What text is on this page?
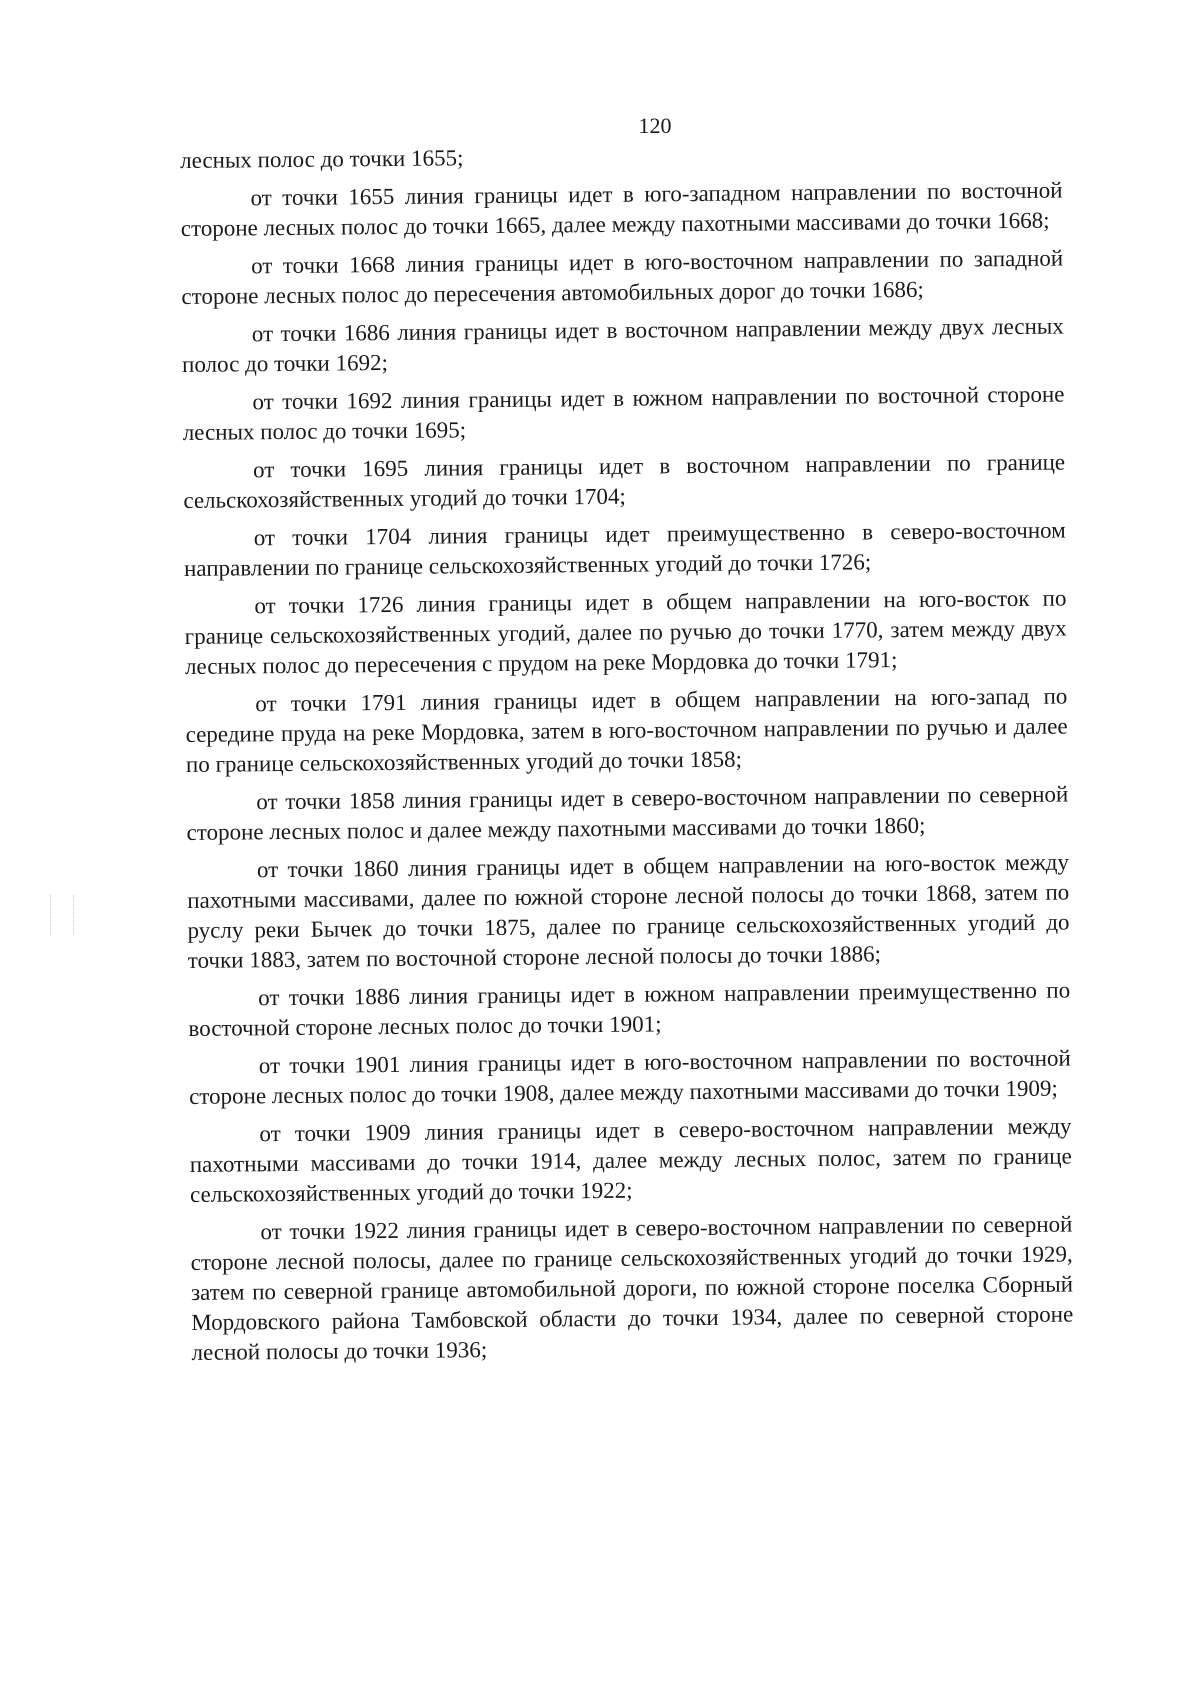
120

лесных полос до точки 1655;

от точки 1655 линия границы идет в юго-западном направлении по восточной стороне лесных полос до точки 1665, далее между пахотными массивами до точки 1668;

от точки 1668 линия границы идет в юго-восточном направлении по западной стороне лесных полос до пересечения автомобильных дорог до точки 1686;

от точки 1686 линия границы идет в восточном направлении между двух лесных полос до точки 1692;

от точки 1692 линия границы идет в южном направлении по восточной стороне лесных полос до точки 1695;

от точки 1695 линия границы идет в восточном направлении по границе сельскохозяйственных угодий до точки 1704;

от точки 1704 линия границы идет преимущественно в северо-восточном направлении по границе сельскохозяйственных угодий до точки 1726;

от точки 1726 линия границы идет в общем направлении на юго-восток по границе сельскохозяйственных угодий, далее по ручью до точки 1770, затем между двух лесных полос до пересечения с прудом на реке Мордовка до точки 1791;

от точки 1791 линия границы идет в общем направлении на юго-запад по середине пруда на реке Мордовка, затем в юго-восточном направлении по ручью и далее по границе сельскохозяйственных угодий до точки 1858;

от точки 1858 линия границы идет в северо-восточном направлении по северной стороне лесных полос и далее между пахотными массивами до точки 1860;

от точки 1860 линия границы идет в общем направлении на юго-восток между пахотными массивами, далее по южной стороне лесной полосы до точки 1868, затем по руслу реки Бычек до точки 1875, далее по границе сельскохозяйственных угодий до точки 1883, затем по восточной стороне лесной полосы до точки 1886;

от точки 1886 линия границы идет в южном направлении преимущественно по восточной стороне лесных полос до точки 1901;

от точки 1901 линия границы идет в юго-восточном направлении по восточной стороне лесных полос до точки 1908, далее между пахотными массивами до точки 1909;

от точки 1909 линия границы идет в северо-восточном направлении между пахотными массивами до точки 1914, далее между лесных полос, затем по границе сельскохозяйственных угодий до точки 1922;

от точки 1922 линия границы идет в северо-восточном направлении по северной стороне лесной полосы, далее по границе сельскохозяйственных угодий до точки 1929, затем по северной границе автомобильной дороги, по южной стороне поселка Сборный Мордовского района Тамбовской области до точки 1934, далее по северной стороне лесной полосы до точки 1936;
